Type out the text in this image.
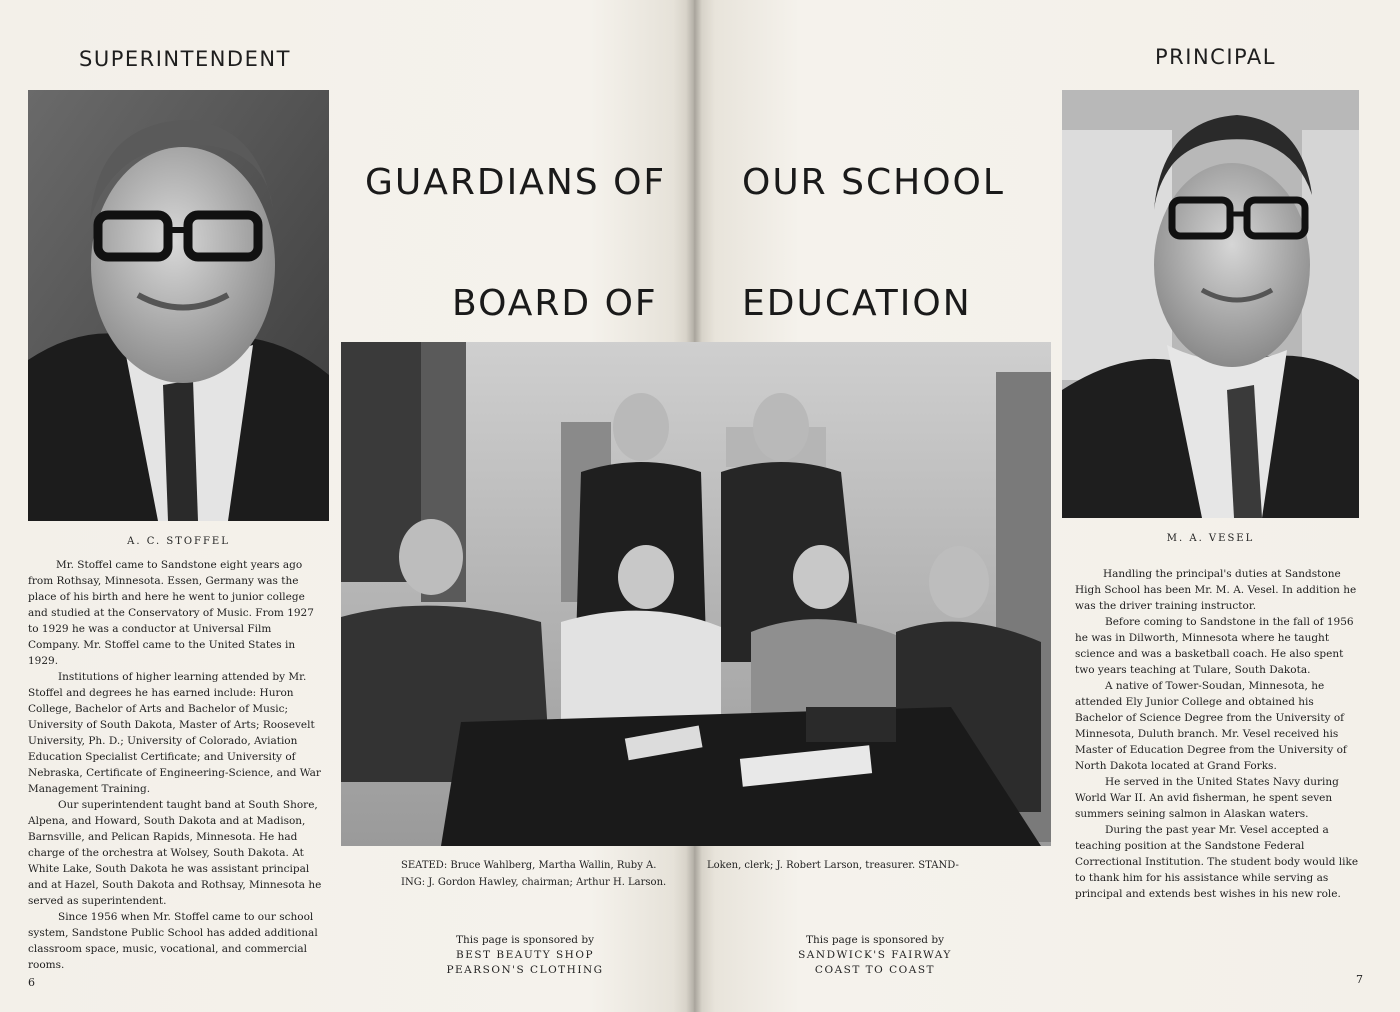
SUPERINTENDENT
A. C. STOFFEL

Mr. Stoffel came to Sandstone eight years ago from Rothsay, Minnesota. Essen, Germany was the place of his birth and here he went to junior college and studied at the Conservatory of Music. From 1927 to 1929 he was a conductor at Universal Film Company. Mr. Stoffel came to the United States in 1929.

Institutions of higher learning attended by Mr. Stoffel and degrees he has earned include: Huron College, Bachelor of Arts and Bachelor of Music; University of South Dakota, Master of Arts; Roosevelt University, Ph. D.; University of Colorado, Aviation Education Specialist Certificate; and University of Nebraska, Certificate of Engineering-Science, and War Management Training.

Our superintendent taught band at South Shore, Alpena, and Howard, South Dakota and at Madison, Barnsville, and Pelican Rapids, Minnesota. He had charge of the orchestra at Wolsey, South Dakota. At White Lake, South Dakota he was assistant principal and at Hazel, South Dakota and Rothsay, Minnesota he served as superintendent.

Since 1956 when Mr. Stoffel came to our school system, Sandstone Public School has added additional classroom space, music, vocational, and commercial rooms.

6
GUARDIANS OF OUR SCHOOL
BOARD OF EDUCATION
SEATED: Bruce Wahlberg, Martha Wallin, Ruby A.	Loken, clerk; J. Robert Larson, treasurer. STAND-
ING: J. Gordon Hawley, chairman; Arthur H. Larson.
This page is sponsored by
BEST BEAUTY SHOP
PEARSON'S CLOTHING
This page is sponsored by
SANDWICK'S FAIRWAY
COAST TO COAST
PRINCIPAL
M. A. VESEL

Handling the principal's duties at Sandstone High School has been Mr. M. A. Vesel. In addition he was the driver training instructor.

Before coming to Sandstone in the fall of 1956 he was in Dilworth, Minnesota where he taught science and was a basketball coach. He also spent two years teaching at Tulare, South Dakota.

A native of Tower-Soudan, Minnesota, he attended Ely Junior College and obtained his Bachelor of Science Degree from the University of Minnesota, Duluth branch. Mr. Vesel received his Master of Education Degree from the University of North Dakota located at Grand Forks.

He served in the United States Navy during World War II. An avid fisherman, he spent seven summers seining salmon in Alaskan waters.

During the past year Mr. Vesel accepted a teaching position at the Sandstone Federal Correctional Institution. The student body would like to thank him for his assistance while serving as principal and extends best wishes in his new role.

7
